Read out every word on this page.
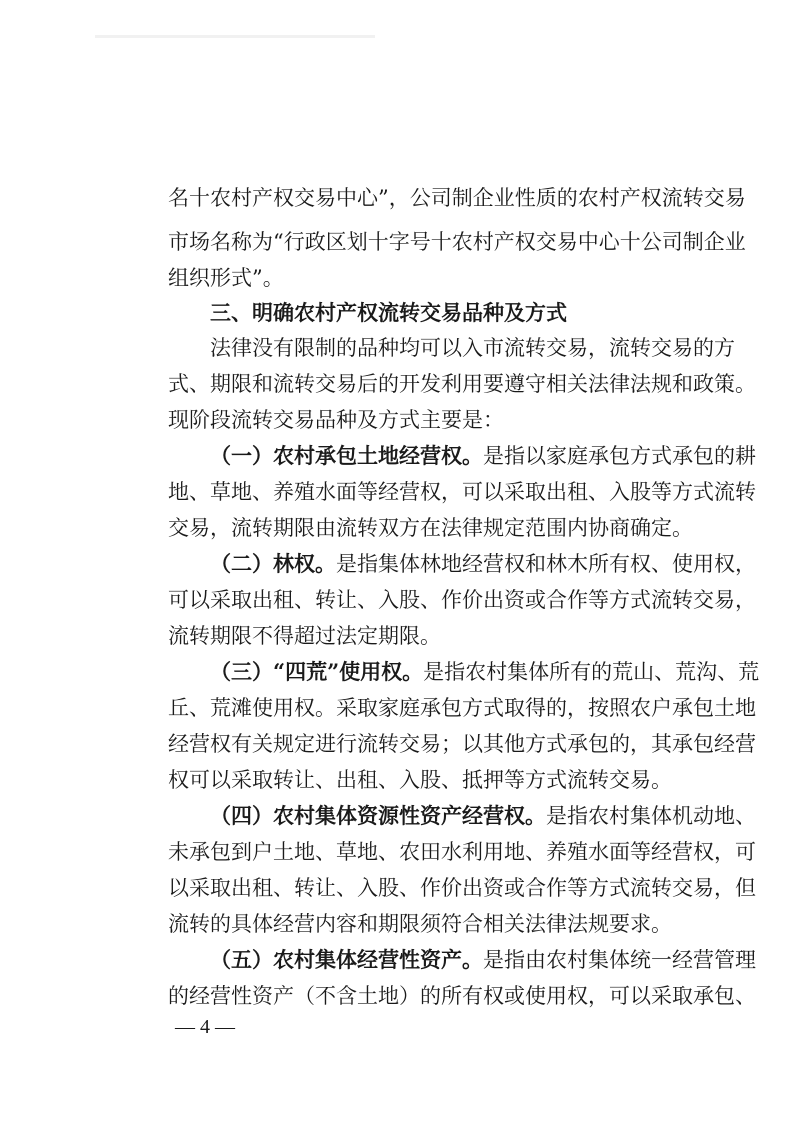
名十农村产权交易中心”，公司制企业性质的农村产权流转交易
市场名称为“行政区划十字号十农村产权交易中心十公司制企业
组织形式”。
三、明确农村产权流转交易品种及方式
法律没有限制的品种均可以入市流转交易，流转交易的方
式、期限和流转交易后的开发利用要遵守相关法律法规和政策。
现阶段流转交易品种及方式主要是：
（一）农村承包土地经营权。是指以家庭承包方式承包的耕
地、草地、养殖水面等经营权，可以采取出租、入股等方式流转
交易，流转期限由流转双方在法律规定范围内协商确定。
（二）林权。是指集体林地经营权和林木所有权、使用权，
可以采取出租、转让、入股、作价出资或合作等方式流转交易，
流转期限不得超过法定期限。
（三）“四荒”使用权。是指农村集体所有的荒山、荒沟、荒
丘、荒滩使用权。采取家庭承包方式取得的，按照农户承包土地
经营权有关规定进行流转交易；以其他方式承包的，其承包经营
权可以采取转让、出租、入股、抵押等方式流转交易。
（四）农村集体资源性资产经营权。是指农村集体机动地、
未承包到户土地、草地、农田水利用地、养殖水面等经营权，可
以采取出租、转让、入股、作价出资或合作等方式流转交易，但
流转的具体经营内容和期限须符合相关法律法规要求。
（五）农村集体经营性资产。是指由农村集体统一经营管理
的经营性资产（不含土地）的所有权或使用权，可以采取承包、
— 4 —
